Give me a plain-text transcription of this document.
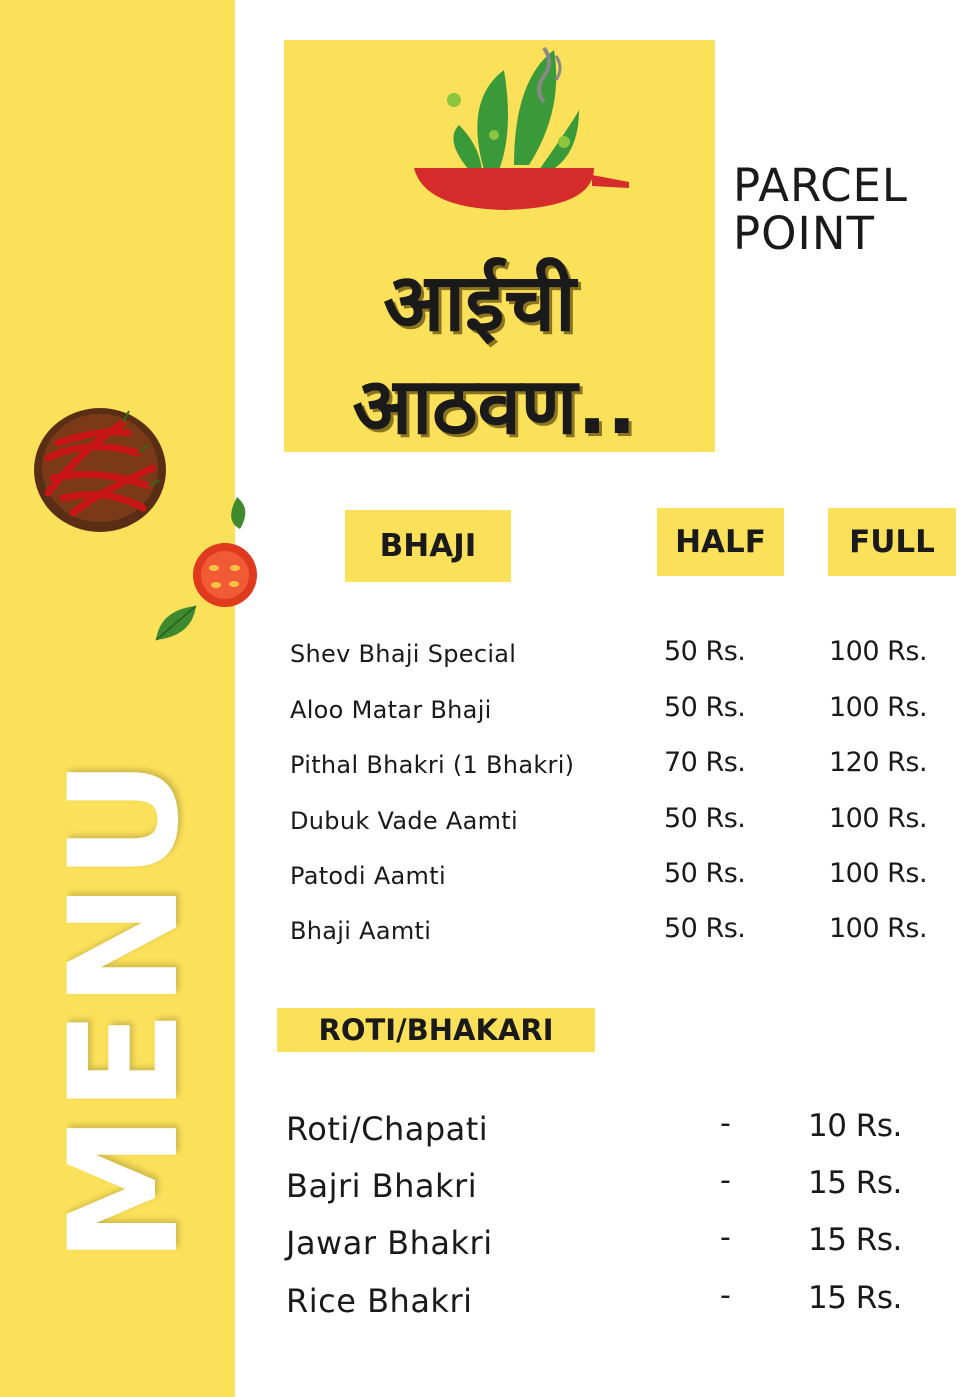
MENU
आईची
आठवण..
PARCEL
POINT
BHAJI	HALF	FULL
Shev Bhaji Special	50 Rs.	100 Rs.
Aloo Matar Bhaji	50 Rs.	100 Rs.
Pithal Bhakri (1 Bhakri)	70 Rs.	120 Rs.
Dubuk Vade Aamti	50 Rs.	100 Rs.
Patodi Aamti	50 Rs.	100 Rs.
Bhaji Aamti	50 Rs.	100 Rs.
ROTI/BHAKARI
Roti/Chapati	- 10 Rs.
Bajri Bhakri	- 15 Rs.
Jawar Bhakri	- 15 Rs.
Rice Bhakri	- 15 Rs.
